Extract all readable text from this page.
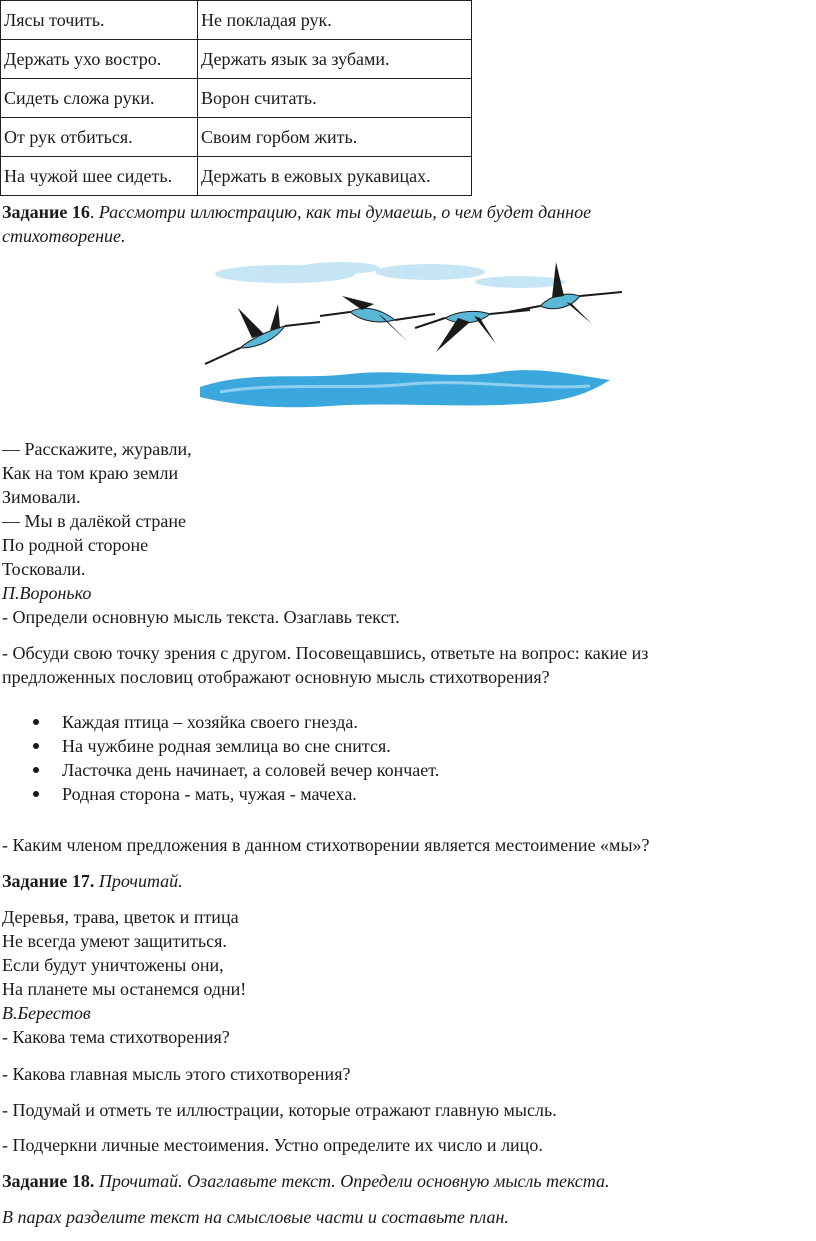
Лясы точить.	Не покладая рук.
Держать ухо востро.	Держать язык за зубами.
Сидеть сложа руки.	Ворон считать.
От рук отбиться.	Своим горбом жить.
На чужой шее сидеть.	Держать в ежовых рукавицах.
Задание 16. Рассмотри иллюстрацию, как ты думаешь, о чем будет данное
стихотворение.
— Расскажите, журавли,
Как на том краю земли
Зимовали.
— Мы в далёкой стране
По родной стороне
Тосковали.
П.Воронько
- Определи основную мысль текста. Озаглавь текст.
- Обсуди свою точку зрения с другом. Посовещавшись, ответьте на вопрос: какие из
предложенных пословиц отображают основную мысль стихотворения?
Каждая птица – хозяйка своего гнезда.
На чужбине родная землица во сне снится.
Ласточка день начинает, а соловей вечер кончает.
Родная сторона - мать, чужая - мачеха.
- Каким членом предложения в данном стихотворении является местоимение «мы»?
Задание 17. Прочитай.
Деревья, трава, цветок и птица
Не всегда умеют защититься.
Если будут уничтожены они,
На планете мы останемся одни!
В.Берестов
- Какова тема стихотворения?
- Какова главная мысль этого стихотворения?
- Подумай и отметь те иллюстрации, которые отражают главную мысль.
- Подчеркни личные местоимения. Устно определите их число и лицо.
Задание 18. Прочитай. Озаглавьте текст. Определи основную мысль текста.
В парах разделите текст на смысловые части и составьте план.
